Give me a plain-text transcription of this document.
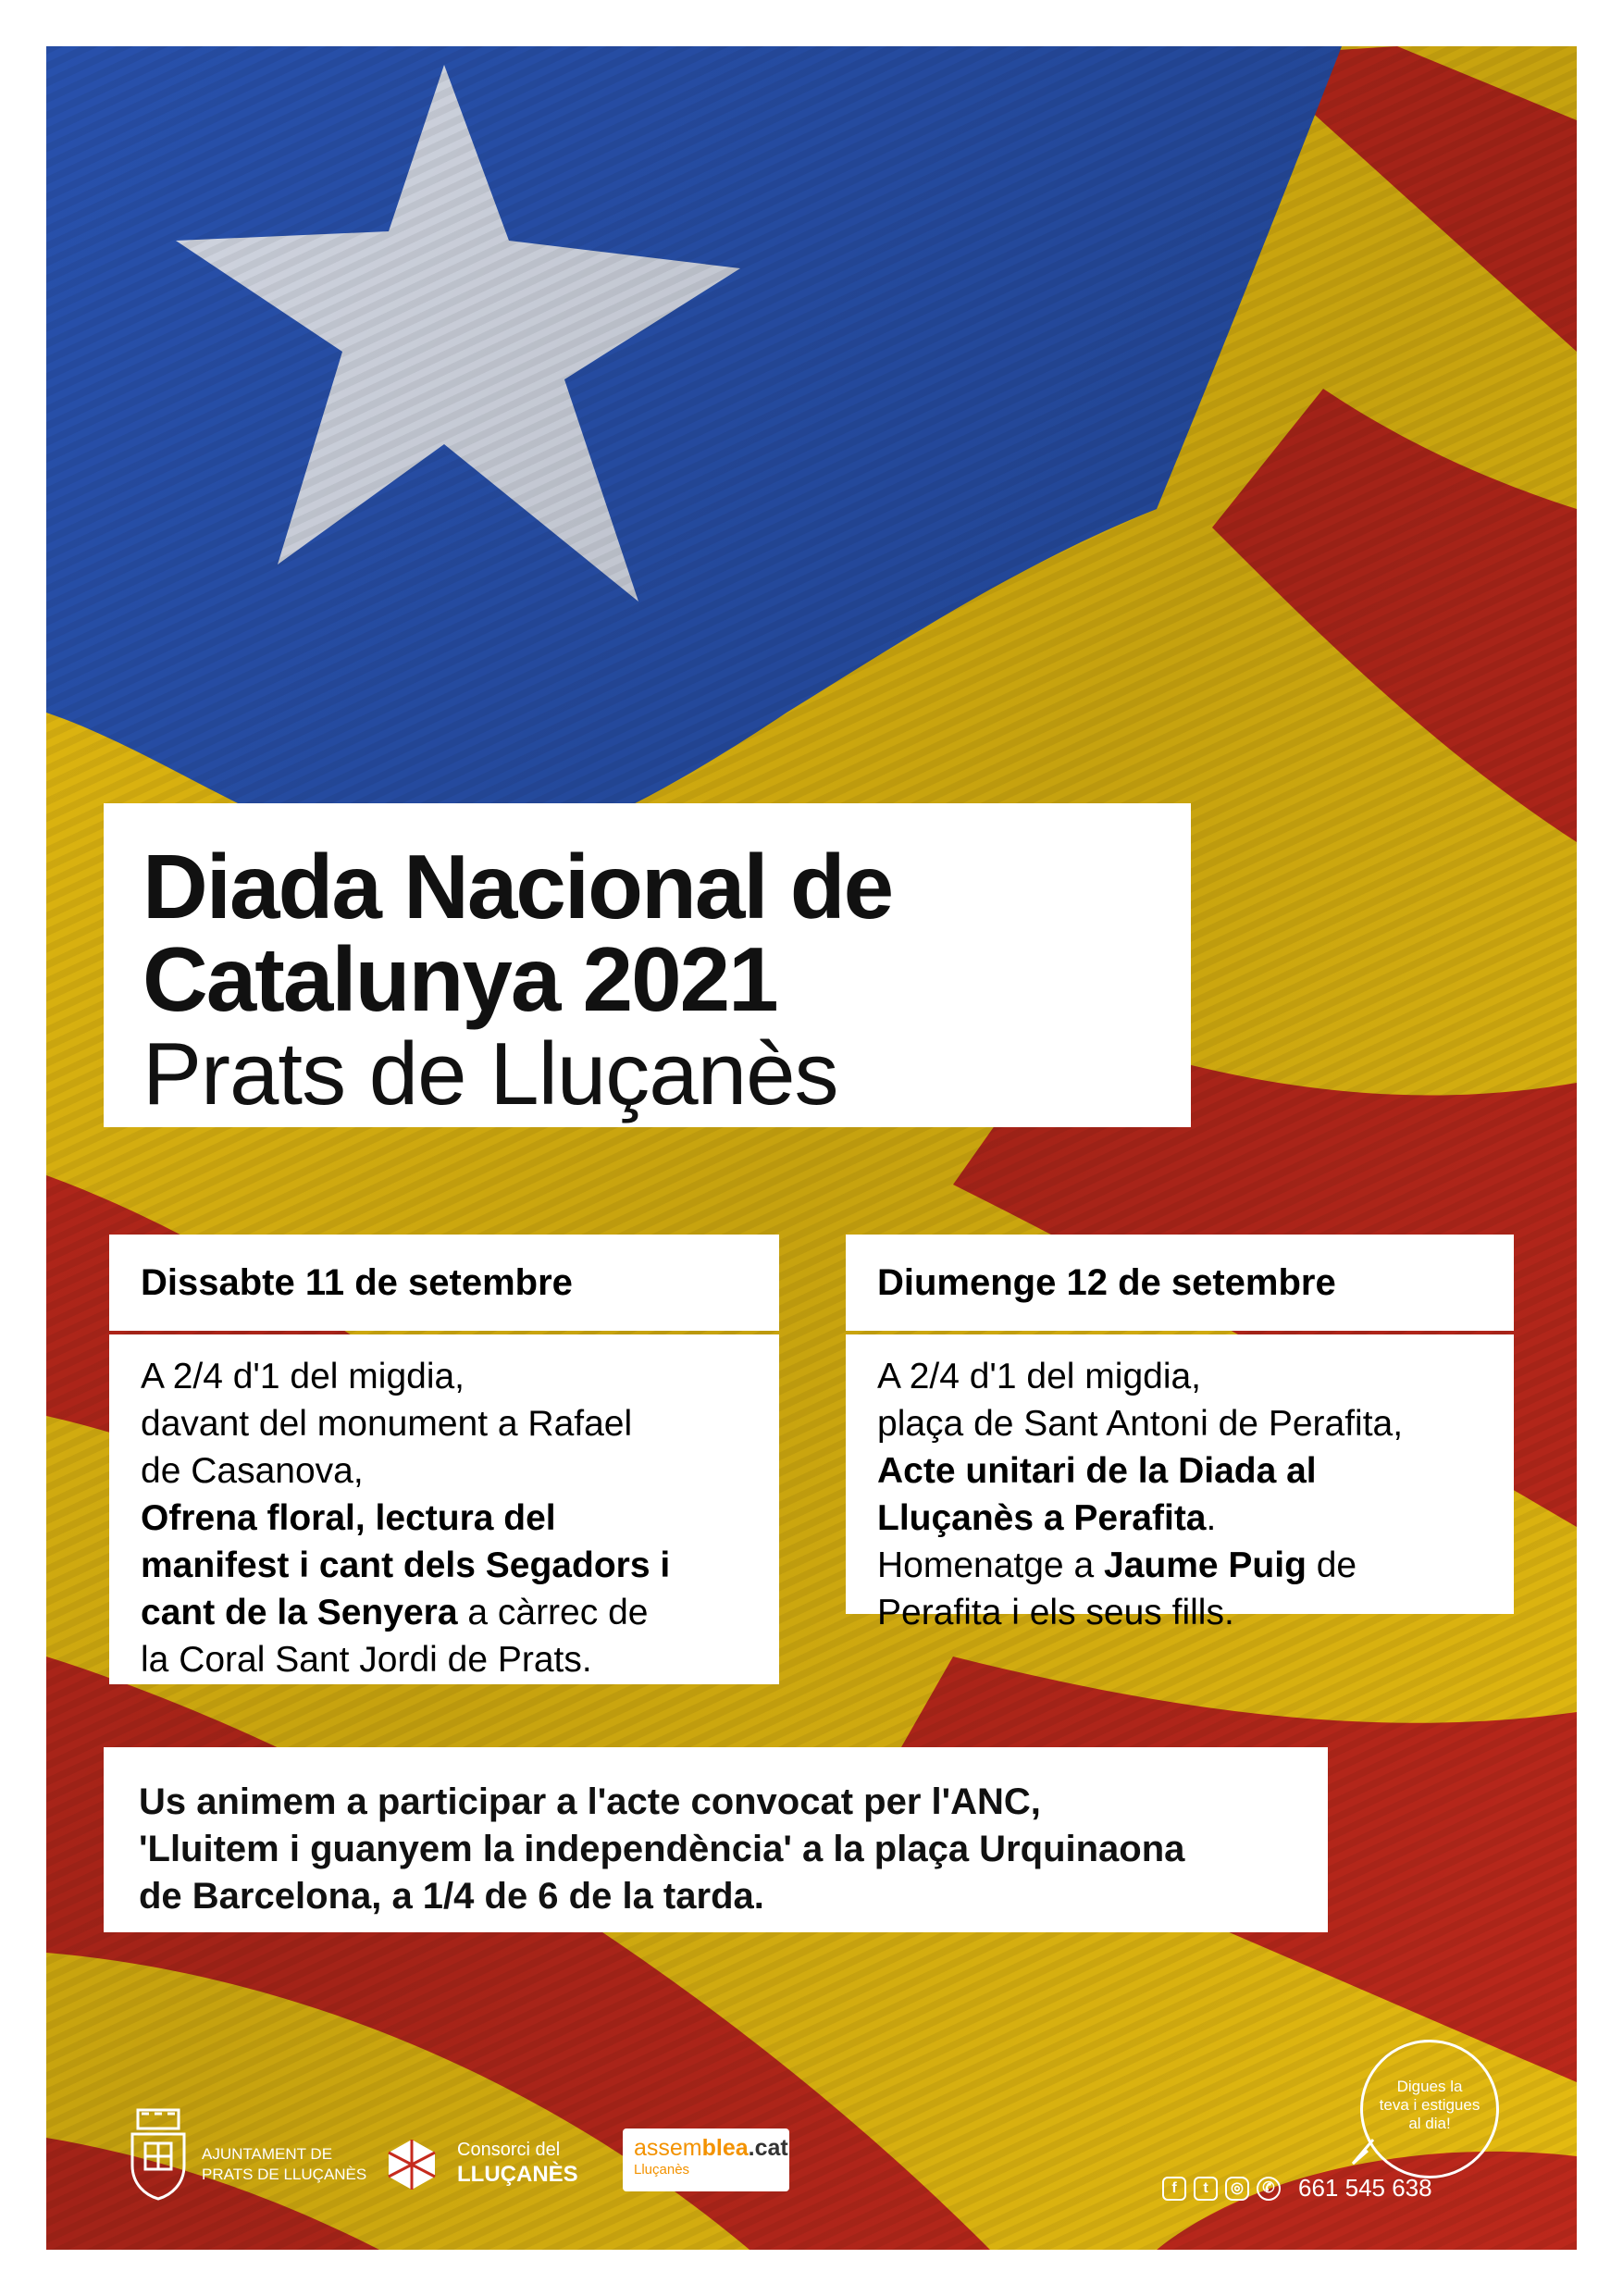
Diada Nacional de
Catalunya 2021
Prats de Lluçanès
Dissabte 11 de setembre
A 2/4 d'1 del migdia,
davant del monument a Rafael
de Casanova,
Ofrena floral, lectura del
manifest i cant dels Segadors i
cant de la Senyera a càrrec de
la Coral Sant Jordi de Prats.
Diumenge 12 de setembre
A 2/4 d'1 del migdia,
plaça de Sant Antoni de Perafita,
Acte unitari de la Diada al
Lluçanès a Perafita.
Homenatge a Jaume Puig de
Perafita i els seus fills.
Us animem a participar a l'acte convocat per l'ANC,
'Lluitem i guanyem la independència' a la plaça Urquinaona
de Barcelona, a 1/4 de 6 de la tarda.
AJUNTAMENT DE
PRATS DE LLUÇANÈS
Consorci del
LLUÇANÈS
assemblea.cat
Lluçanès
Digues la
teva i estigues
al dia!
f	t	◎	✆ 661 545 638
